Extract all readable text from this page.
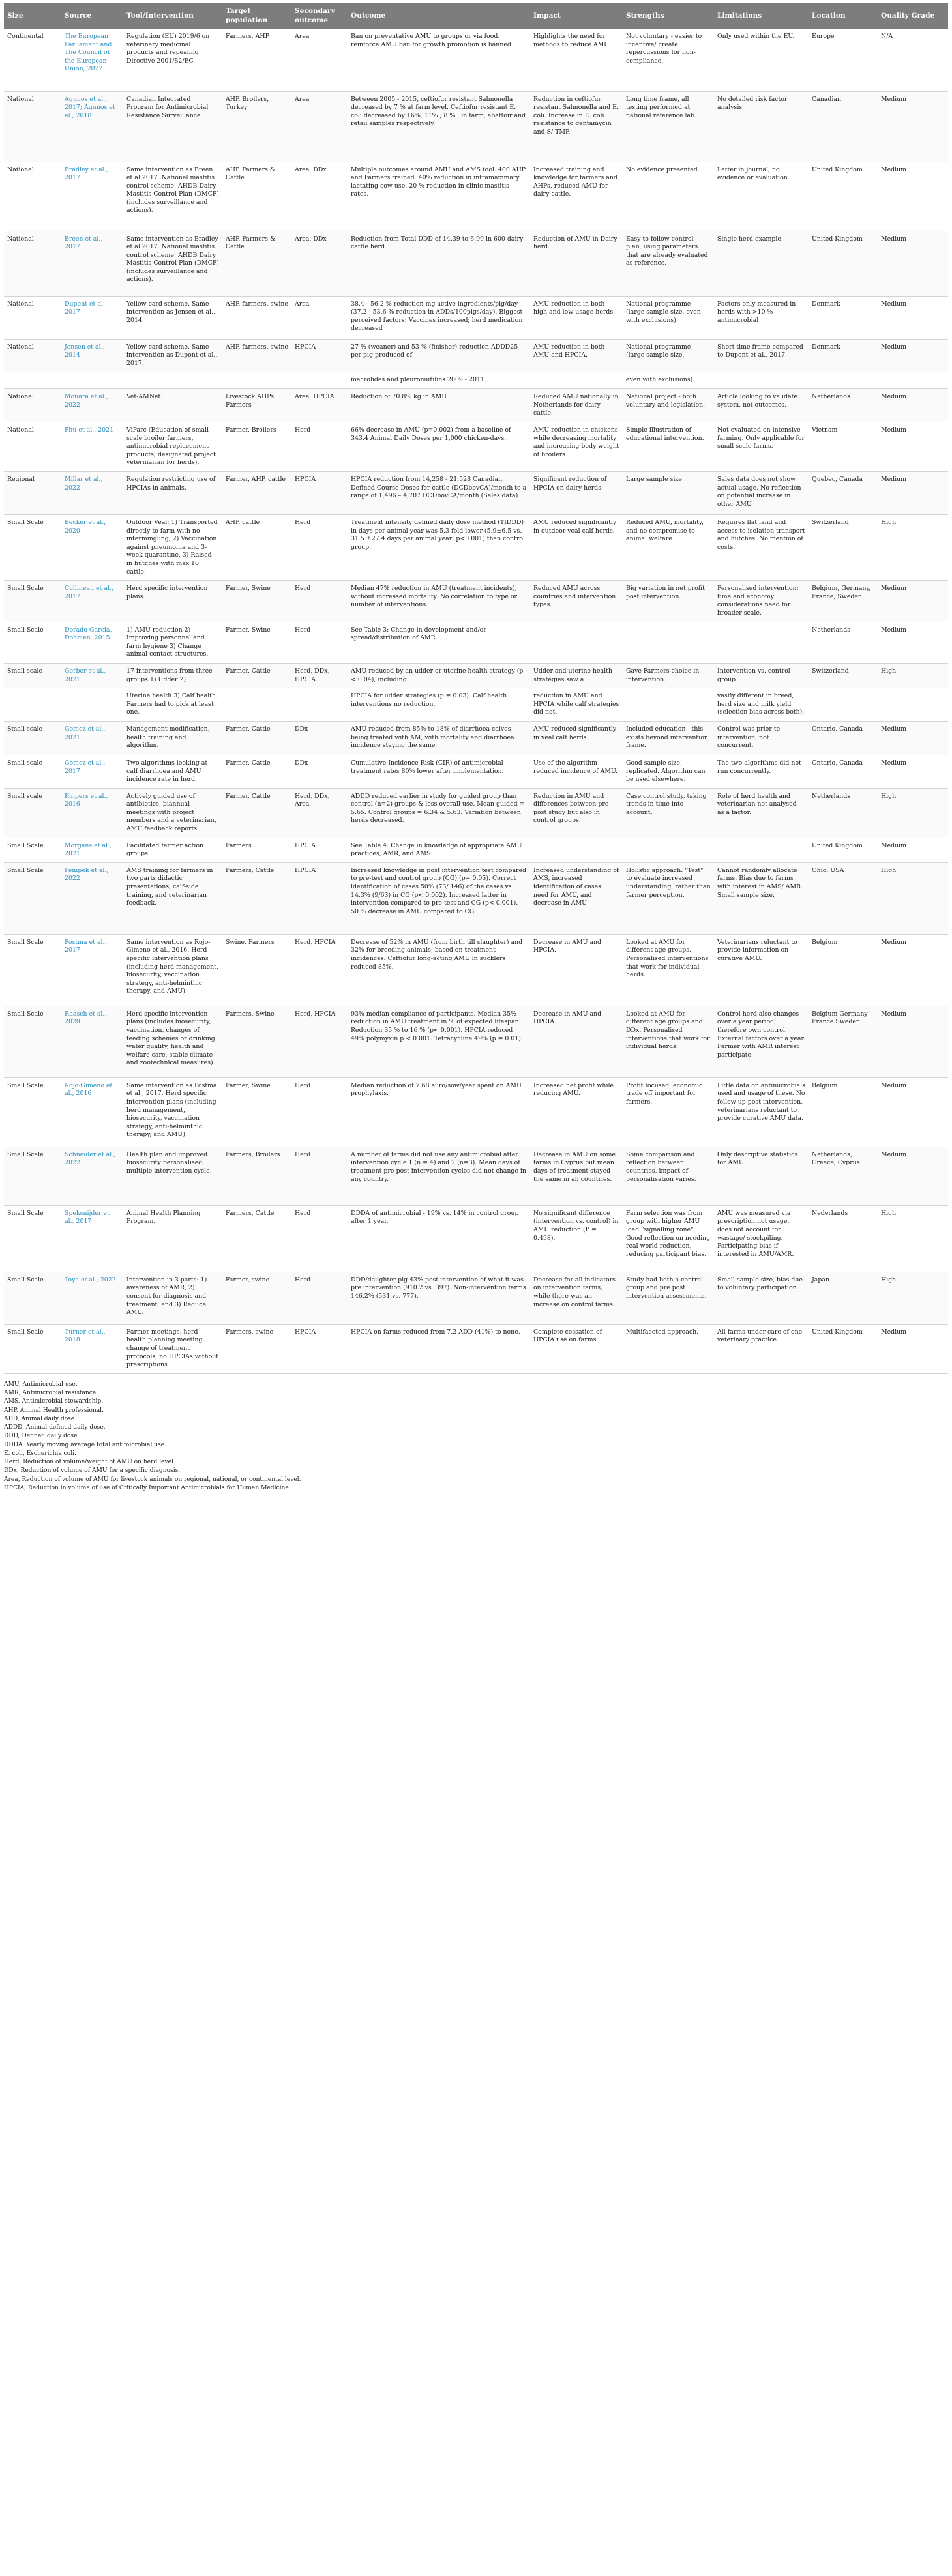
Size	Source	Tool/Intervention	Target population	Secondary outcome	Outcome	Impact	Strengths	Limitations	Location	Quality Grade
Continental	The European Parliament and The Council of the European Union, 2022	Regulation (EU) 2019/6 on veterinary medicinal products and repealing Directive 2001/82/EC.	Farmers, AHP	Area	Ban on preventative AMU to groups or via food, reinforce AMU ban for growth promotion is banned.	Highlights the need for methods to reduce AMU.	Not voluntary - easier to incentive/ create repercussions for non-compliance.	Only used within the EU.	Europe	N/A
National	Agunos et al., 2017; Agunos et al., 2018	Canadian Integrated Program for Antimicrobial Resistance Surveillance.	AHP, Broilers, Turkey	Area	Between 2005 - 2015, ceftiofur resistant Salmonella decreased by 7 % at farm level. Ceftiofur resistant E. coli decreased by 16%, 11% , 8 % , in farm, abattoir and retail samples respectively.	Reduction in ceftiofur resistant Salmonella and E. coli. Increase in E. coli resistance to gentamycin and S/ TMP.	Long time frame, all testing performed at national reference lab.	No detailed risk factor analysis	Canadian	Medium
National	Bradley et al., 2017	Same intervention as Breen et al 2017. National mastitis control scheme: AHDB Dairy Mastitis Control Plan (DMCP) (includes surveillance and actions).	AHP, Farmers & Cattle	Area, DDx	Multiple outcomes around AMU and AMS tool. 400 AHP and Farmers trained. 40% reduction in intramammary lactating cow use. 20 % reduction in clinic mastitis rates.	Increased training and knowledge for farmers and AHPs, reduced AMU for dairy cattle.	No evidence presented.	Letter in journal, no evidence or evaluation.	United Kingdom	Medium
National	Breen et al., 2017	Same intervention as Bradley et al 2017. National mastitis control scheme: AHDB Dairy Mastitis Control Plan (DMCP) (includes surveillance and actions).	AHP, Farmers & Cattle	Area, DDx	Reduction from Total DDD of 14.39 to 6.99 in 600 dairy cattle herd.	Reduction of AMU in Dairy herd.	Easy to follow control plan, using parameters that are already evaluated as reference.	Single herd example.	United Kingdom	Medium
National	Dupont et al., 2017	Yellow card scheme. Same intervention as Jensen et al., 2014.	AHP, farmers, swine	Area	38.4 - 56.2 % reduction mg active ingredients/pig/day (37.2 - 53.6 % reduction in ADDs/100pigs/day). Biggest perceived factors: Vaccines increased; herd medication decreased	AMU reduction in both high and low usage herds.	National programme (large sample size, even with exclusions).	Factors only measured in herds with >10 % antimicrobial	Denmark	Medium
National	Jensen et al., 2014	Yellow card scheme. Same intervention as Dupont et al., 2017.	AHP, farmers, swine	HPCIA	27 % (weaner) and 53 % (finisher) reduction ADDD25 per pig produced of	AMU reduction in both AMU and HPCIA.	National programme (large sample size,	Short time frame compared to Dupont et al., 2017	Denmark	Medium
					macrolides and pleuromutilins 2009 - 2011		even with exclusions).			
National	Mouara et al., 2022	Vet-AMNet.	Livestock AHPs Farmers	Area, HPCIA	Reduction of 70.8% kg in AMU.	Reduced AMU nationally in Netherlands for dairy cattle.	National project - both voluntary and legislation.	Article looking to validate system, not outcomes.	Netherlands	Medium
National	Phu et al., 2021	ViParc (Education of small-scale broiler farmers, antimicrobial replacement products, designated project veterinarian for herds).	Farmer, Broilers	Herd	66% decrease in AMU (p=0.002) from a baseline of 343.4 Animal Daily Doses per 1,000 chicken-days.	AMU reduction in chickens while decreasing mortality and increasing body weight of broilers.	Simple illustration of educational intervention.	Not evaluated on intensive farming. Only applicable for small scale farms.	Vietnam	Medium
Regional	Millar et al., 2022	Regulation restricting use of HPCIAs in animals.	Farmer, AHP, cattle	HPCIA	HPCIA reduction from 14,258 - 21,528 Canadian Defined Course Doses for cattle (DCDbovCA)/month to a range of 1,496 – 4,707 DCDbovCA/month (Sales data).	Significant reduction of HPCIA on dairy herds.	Large sample size.	Sales data does not show actual usage. No reflection on potential increase in other AMU.	Quebec, Canada	Medium
Small Scale	Becker et al., 2020	Outdoor Veal: 1) Transported directly to farm with no intermingling, 2) Vaccination against pneumonia and 3-week quarantine, 3) Raised in hutches with max 10 cattle.	AHP, cattle	Herd	Treatment intensity defined daily dose method (TIDDD) in days per animal year was 5.3-fold lower (5.9±6.5 vs. 31.5 ±27.4 days per animal year; p<0.001) than control group.	AMU reduced significantly in outdoor veal calf herds.	Reduced AMU, mortality, and no compromise to animal welfare.	Requires flat land and access to isolation transport and hutches. No mention of costs.	Switzerland	High
Small Scale	Collineau et al., 2017	Herd specific intervention plans.	Farmer, Swine	Herd	Median 47% reduction in AMU (treatment incidents), without increased mortality. No correlation to type or number of interventions.	Reduced AMU across countries and intervention types.	Big variation in net profit post intervention.	Personalised intervention: time and economy considerations need for broader scale.	Belgium, Germany, France, Sweden.	Medium
Small Scale	Dorado-Garcia, Dohmen, 2015	1) AMU reduction 2) Improving personnel and farm hygiene 3) Change animal contact structures.	Farmer, Swine	Herd	See Table 3: Change in development and/or spread/distribution of AMR.				Netherlands	Medium
Small scale	Gerber et al., 2021	17 interventions from three groups 1) Udder 2)	Farmer, Cattle	Herd, DDx, HPCIA	AMU reduced by an udder or uterine health strategy (p < 0.04), including	Udder and uterine health strategies saw a	Gave Farmers choice in intervention.	Intervention vs. control group	Switzerland	High
		Uterine health 3) Calf health. Farmers had to pick at least one.			HPCIA for udder strategies (p = 0.03). Calf health interventions no reduction.	reduction in AMU and HPCIA while calf strategies did not.		vastly different in breed, herd size and milk yield (selection bias across both).		
Small scale	Gomez et al., 2021	Management modification, health training and algorithm.	Farmer, Cattle	DDx	AMU reduced from 85% to 18% of diarrhoea calves being treated with AM, with mortality and diarrhoea incidence staying the same.	AMU reduced significantly in veal calf herds.	Included education - this exists beyond intervention frame.	Control was prior to intervention, not concurrent.	Ontario, Canada	Medium
Small scale	Gomez et al., 2017	Two algorithms looking at calf diarrhoea and AMU incidence rate in herd.	Farmer, Cattle	DDx	Cumulative Incidence Risk (CIR) of antimicrobial treatment rates 80% lower after implementation.	Use of the algorithm reduced incidence of AMU.	Good sample size, replicated. Algorithm can be used elsewhere.	The two algorithms did not run concurrently.	Ontario, Canada	Medium
Small scale	Kuipers et al., 2016	Actively guided use of antibiotics, biannual meetings with project members and a veterinarian, AMU feedback reports.	Farmer, Cattle	Herd, DDx, Area	ADDD reduced earlier in study for guided group than control (n=2) groups & less overall use. Mean guided = 5.65. Control groups = 6.34 & 5.63. Variation between herds decreased.	Reduction in AMU and differences between pre-post study but also in control groups.	Case control study, taking trends in time into account.	Role of herd health and veterinarian not analysed as a factor.	Netherlands	High
Small Scale	Morgans et al., 2021	Facilitated farmer action groups.	Farmers	HPCIA	See Table 4: Change in knowledge of appropriate AMU practices, AMR, and AMS				United Kingdom	Medium
Small Scale	Pempek et al., 2022	AMS training for farmers in two parts didactic presentations, calf-side training, and veterinarian feedback.	Farmers, Cattle	HPCIA	Increased knowledge in post intervention test compared to pre-test and control group (CG) (p= 0.05). Correct identification of cases 50% (73/ 146) of the cases vs 14.3% (9/63) in CG (p< 0.002). Increased latter in intervention compared to pre-test and CG (p< 0.001). 50 % decrease in AMU compared to CG.	Increased understanding of AMS, increased identification of cases' need for AMU, and decrease in AMU	Holistic approach. "Test" to evaluate increased understanding, rather than farmer perception.	Cannot randomly allocate farms. Bias due to farms with interest in AMS/ AMR. Small sample size.	Ohio, USA	High
Small Scale	Postma et al., 2017	Same intervention as Rojo-Gimeno et al., 2016. Herd specific intervention plans (including herd management, biosecurity, vaccination strategy, anti-helminthic therapy, and AMU).	Swine, Farmers	Herd, HPCIA	Decrease of 52% in AMU (from birth till slaughter) and 32% for breeding animals, based on treatment incidences. Ceftiofur long-acting AMU in sucklers reduced 85%.	Decrease in AMU and HPCIA.	Looked at AMU for different age groups. Personalised interventions that work for individual herds.	Veterinarians reluctant to provide information on curative AMU.	Belgium	Medium
Small Scale	Raasch et al., 2020	Herd specific intervention plans (includes biosecurity, vaccination, changes of feeding schemes or drinking water quality, health and welfare care, stable climate and zootechnical measures).	Farmers, Swine	Herd, HPCIA	93% median compliance of participants. Median 35% reduction in AMU treatment in % of expected lifespan. Reduction 35 % to 16 % (p< 0.001). HPCIA reduced 49% polymyxin p < 0.001. Tetracycline 49% (p = 0.01).	Decrease in AMU and HPCIA.	Looked at AMU for different age groups and DDx. Personalised interventions that work for individual herds.	Control herd also changes over a year period, therefore own control. External factors over a year. Farmer with AMR interest participate.	Belgium Germany France Sweden	Medium
Small Scale	Rojo-Gimeno et al., 2016	Same intervention as Postma et al., 2017. Herd specific intervention plans (including herd management, biosecurity, vaccination strategy, anti-helminthic therapy, and AMU).	Farmer, Swine	Herd	Median reduction of 7.68 euro/sow/year spent on AMU prophylaxis.	Increased net profit while reducing AMU.	Profit focused, economic trade off important for farmers.	Little data on antimicrobials used and usage of these. No follow up post intervention, veterinarians reluctant to provide curative AMU data.	Belgium	Medium
Small Scale	Schneider et al., 2022	Health plan and improved biosecurity personalised, multiple intervention cycle.	Farmers, Broilers	Herd	A number of farms did not use any antimicrobial after intervention cycle 1 (n = 4) and 2 (n=3). Mean days of treatment pre-post intervention cycles did not change in any country.	Decrease in AMU on some farms in Cyprus but mean days of treatment stayed the same in all countries.	Some comparison and reflection between countries, impact of personalisation varies.	Only descriptive statistics for AMU.	Netherlands, Greece, Cyprus	Medium
Small Scale	Speksnijder et al., 2017	Animal Health Planning Program.	Farmers, Cattle	Herd	DDDA of antimicrobial - 19% vs. 14% in control group after 1 year.	No significant difference (intervention vs. control) in AMU reduction (P = 0.498).	Farm selection was from group with higher AMU load "signalling zone". Good reflection on needing real world reduction, reducing participant bias.	AMU was measured via prescription not usage, does not account for wastage/ stockpiling. Participating bias if interested in AMU/AMR.	Nederlands	High
Small Scale	Toya et al., 2022	Intervention in 3 parts: 1) awareness of AMR, 2) consent for diagnosis and treatment, and 3) Reduce AMU.	Farmer, swine	Herd	DDD/daughter pig 43% post intervention of what it was pre intervention (910.2 vs. 397). Non-intervention farms 146.2% (531 vs. 777).	Decrease for all indicators on intervention farms, while there was an increase on control farms.	Study had both a control group and pre post intervention assessments.	Small sample size, bias due to voluntary participation.	Japan	High
Small Scale	Turner et al., 2018	Farmer meetings, herd health planning meeting, change of treatment protocols, no HPCIAs without prescriptions.	Farmers, swine	HPCIA	HPCIA on farms reduced from 7.2 ADD (41%) to none.	Complete cessation of HPCIA use on farms.	Multifaceted approach.	All farms under care of one veterinary practice.	United Kingdom	Medium
AMU, Antimicrobial use.
AMR, Antimicrobial resistance.
AMS, Antimicrobial stewardship.
AHP, Animal Health professional.
ADD, Animal daily dose.
ADDD, Animal defined daily dose.
DDD, Defined daily dose.
DDDA, Yearly moving average total antimicrobial use.
E. coli, Escherichia coli.
Herd, Reduction of volume/weight of AMU on herd level.
DDx, Reduction of volume of AMU for a specific diagnosis.
Area, Reduction of volume of AMU for livestock animals on regional, national, or continental level.
HPCIA, Reduction in volume of use of Critically Important Antimicrobials for Human Medicine.
